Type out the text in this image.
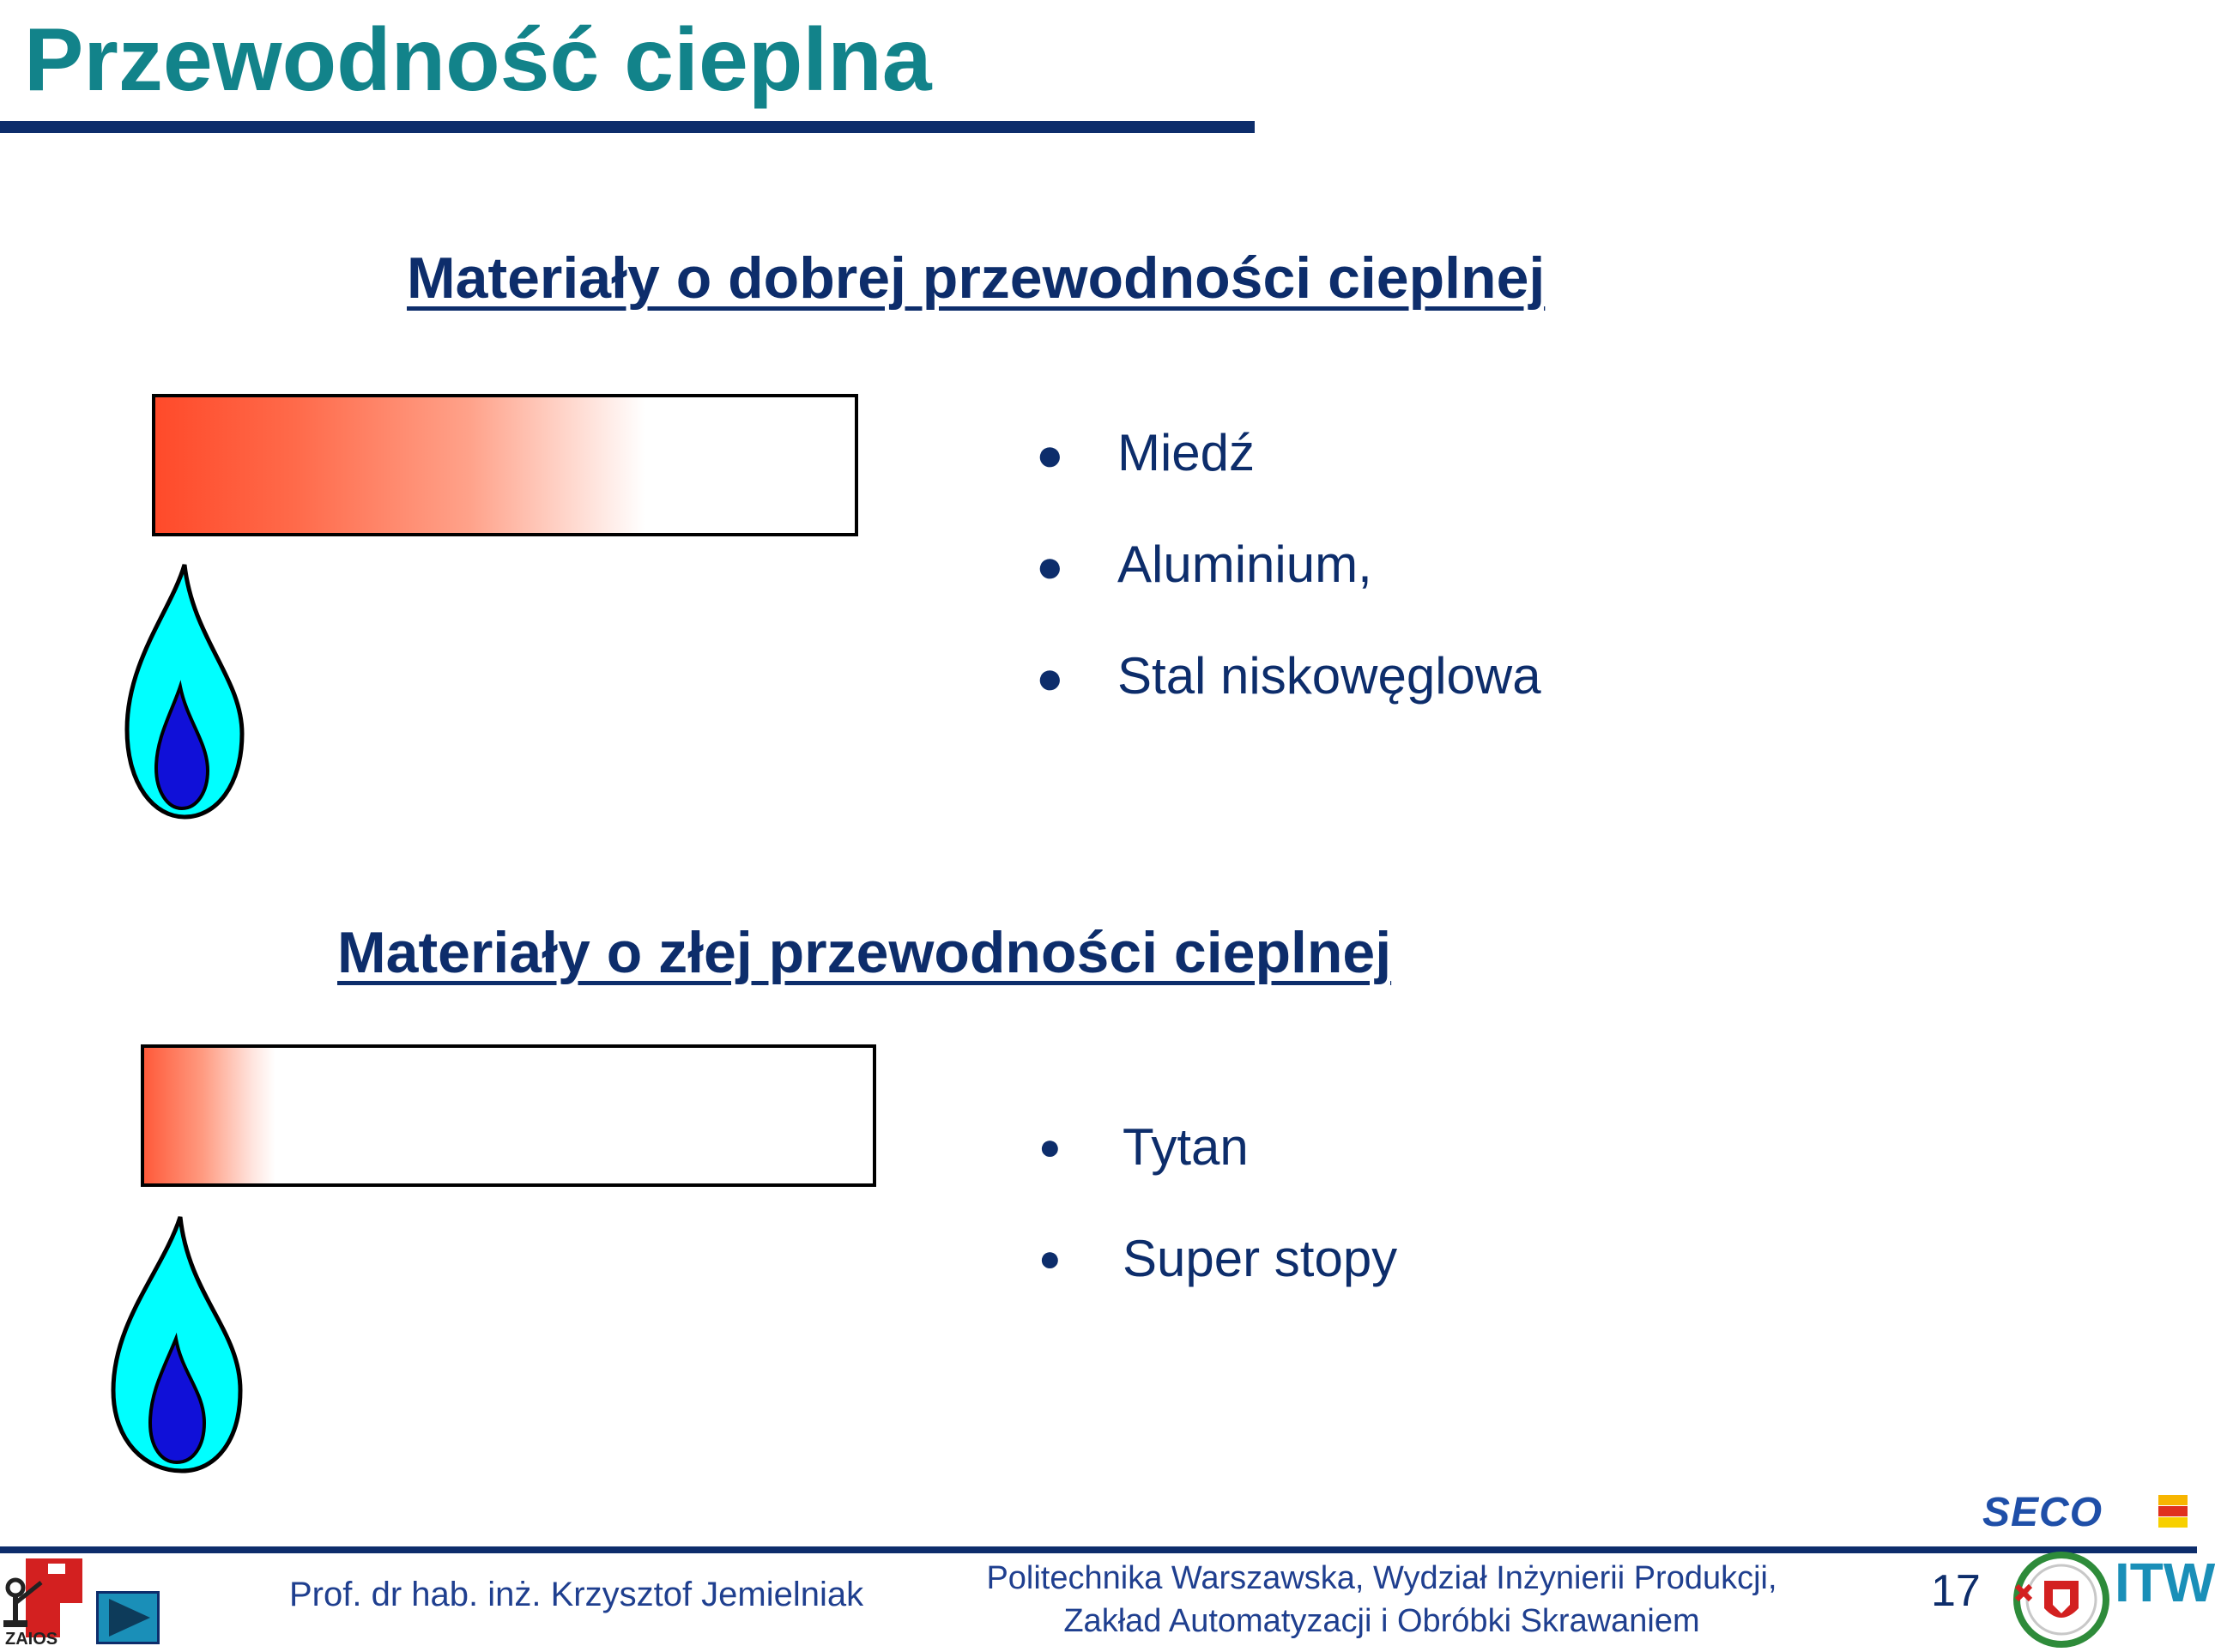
Przewodność cieplna
Materiały o dobrej przewodności cieplnej
● Miedź
● Aluminium,
● Stal niskowęglowa
Materiały o złej przewodności cieplnej
● Tytan
● Super stopy
SECO
ZAIOS
Prof. dr hab. inż. Krzysztof Jemielniak	Politechnika Warszawska, Wydział Inżynierii Produkcji,
Zakład Automatyzacji i Obróbki Skrawaniem
17 ITW
